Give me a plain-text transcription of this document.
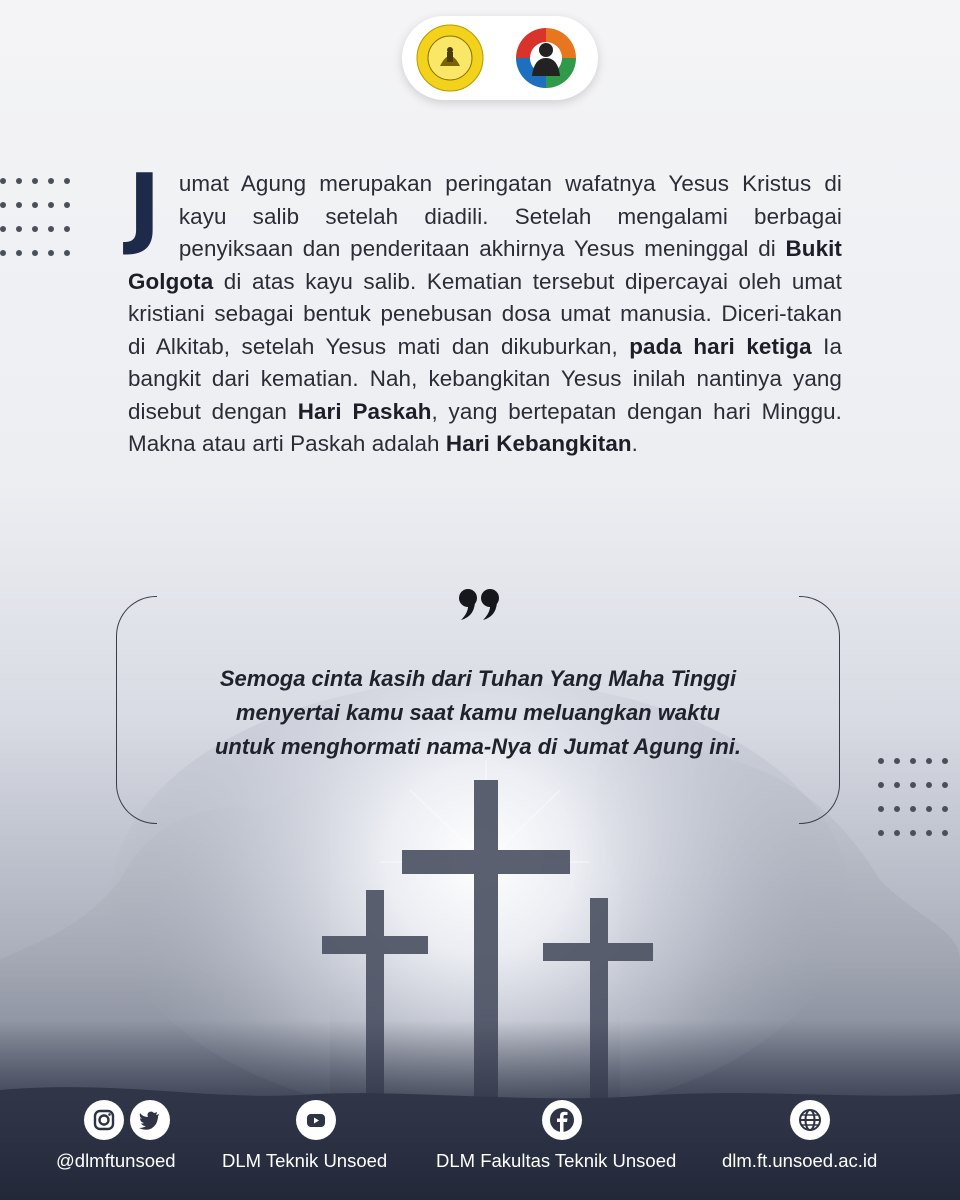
Jumat Agung merupakan peringatan wafatnya Yesus Kristus di kayu salib setelah diadili. Setelah mengalami berbagai penyiksaan dan penderitaan akhirnya Yesus meninggal di Bukit Golgota di atas kayu salib. Kematian tersebut dipercayai oleh umat kristiani sebagai bentuk penebusan dosa umat manusia. Diceri-takan di Alkitab, setelah Yesus mati dan dikuburkan, pada hari ketiga Ia bangkit dari kematian. Nah, kebangkitan Yesus inilah nantinya yang disebut dengan Hari Paskah, yang bertepatan dengan hari Minggu. Makna atau arti Paskah adalah Hari Kebangkitan.
Semoga cinta kasih dari Tuhan Yang Maha Tinggi
menyertai kamu saat kamu meluangkan waktu
untuk menghormati nama-Nya di Jumat Agung ini.
@dlmftunsoed	DLM Teknik Unsoed	DLM Fakultas Teknik Unsoed dlm.ft.unsoed.ac.id
